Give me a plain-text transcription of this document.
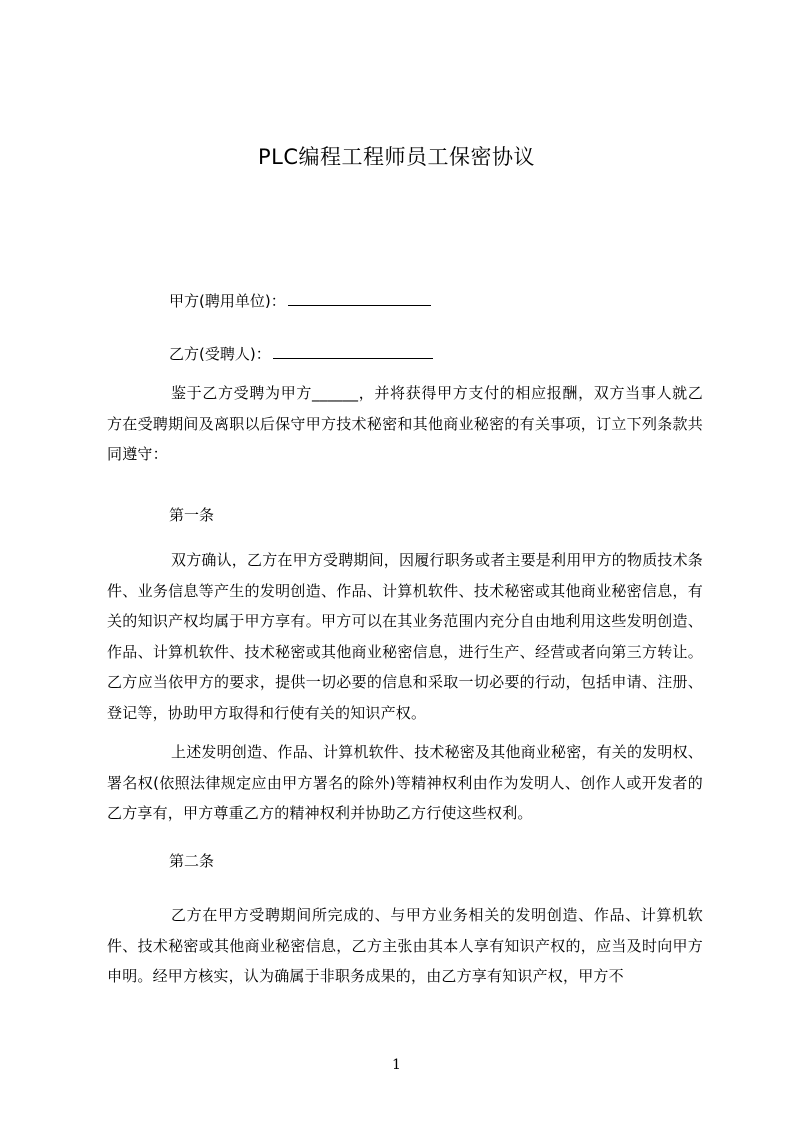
PLC编程工程师员工保密协议
甲方(聘用单位)：
乙方(受聘人)：

鉴于乙方受聘为甲方______，并将获得甲方支付的相应报酬，双方当事人就乙方在受聘期间及离职以后保守甲方技术秘密和其他商业秘密的有关事项，订立下列条款共同遵守：

第一条

双方确认，乙方在甲方受聘期间，因履行职务或者主要是利用甲方的物质技术条件、业务信息等产生的发明创造、作品、计算机软件、技术秘密或其他商业秘密信息，有关的知识产权均属于甲方享有。甲方可以在其业务范围内充分自由地利用这些发明创造、作品、计算机软件、技术秘密或其他商业秘密信息，进行生产、经营或者向第三方转让。乙方应当依甲方的要求，提供一切必要的信息和采取一切必要的行动，包括申请、注册、登记等，协助甲方取得和行使有关的知识产权。

上述发明创造、作品、计算机软件、技术秘密及其他商业秘密，有关的发明权、署名权(依照法律规定应由甲方署名的除外)等精神权利由作为发明人、创作人或开发者的乙方享有，甲方尊重乙方的精神权利并协助乙方行使这些权利。

第二条

乙方在甲方受聘期间所完成的、与甲方业务相关的发明创造、作品、计算机软件、技术秘密或其他商业秘密信息，乙方主张由其本人享有知识产权的，应当及时向甲方申明。经甲方核实，认为确属于非职务成果的，由乙方享有知识产权，甲方不

1
